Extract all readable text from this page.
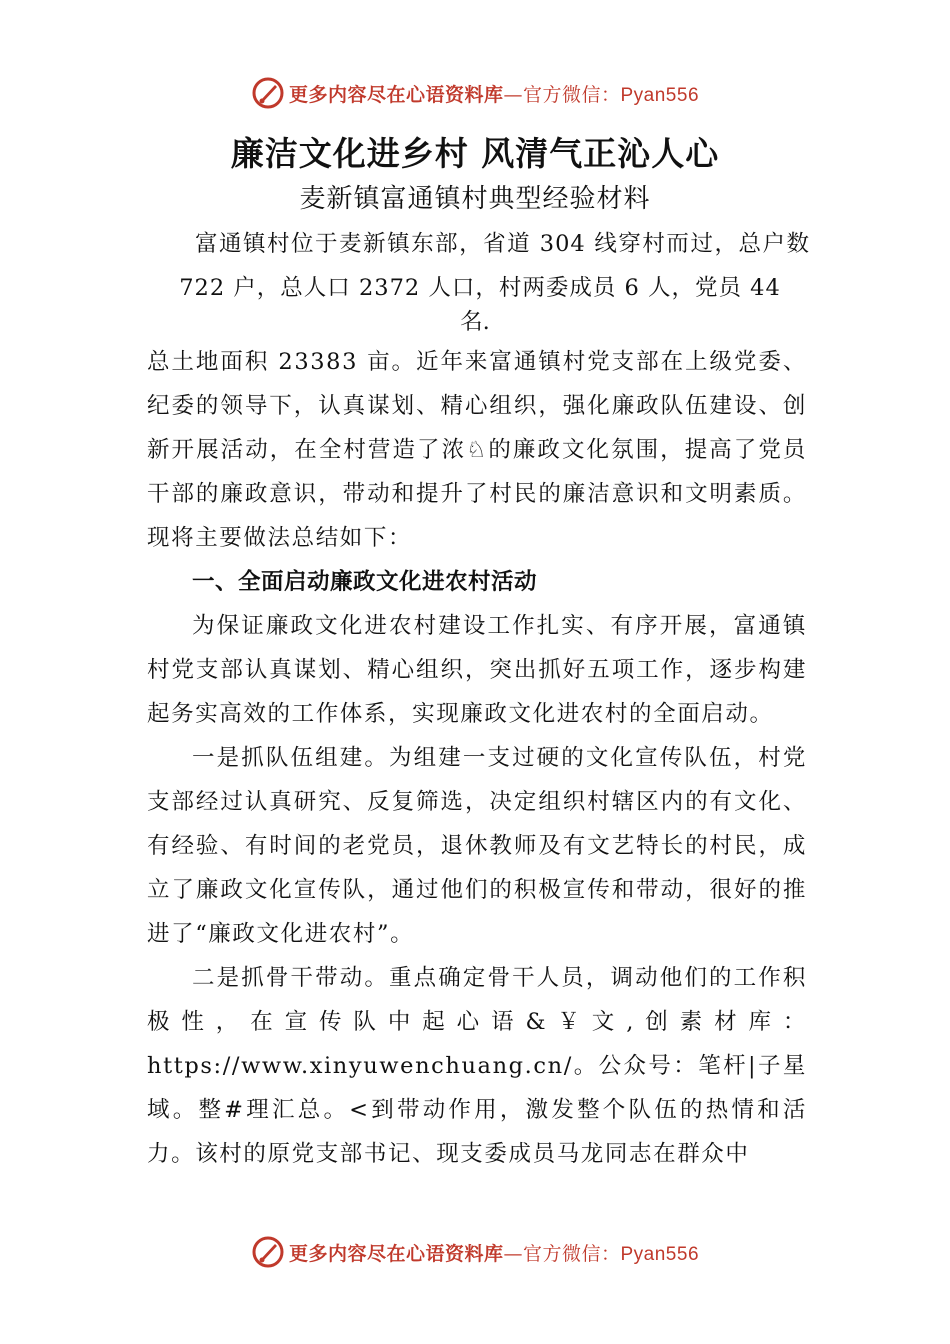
更多内容尽在心语资料库—官方微信：Pyan556
廉洁文化进乡村 风清气正沁人心
麦新镇富通镇村典型经验材料
富通镇村位于麦新镇东部，省道 304 线穿村而过，总户数 722 户，总人口 2372 人口，村两委成员 6 人，党员 44
名.

总土地面积 23383 亩。近年来富通镇村党支部在上级党委、纪委的领导下，认真谋划、精心组织，强化廉政队伍建设、创新开展活动，在全村营造了浓♘的廉政文化氛围，提高了党员干部的廉政意识，带动和提升了村民的廉洁意识和文明素质。现将主要做法总结如下：

一、全面启动廉政文化进农村活动

为保证廉政文化进农村建设工作扎实、有序开展，富通镇村党支部认真谋划、精心组织，突出抓好五项工作，逐步构建起务实高效的工作体系，实现廉政文化进农村的全面启动。

一是抓队伍组建。为组建一支过硬的文化宣传队伍，村党支部经过认真研究、反复筛选，决定组织村辖区内的有文化、有经验、有时间的老党员，退休教师及有文艺特长的村民，成立了廉政文化宣传队，通过他们的积极宣传和带动，很好的推进了“廉政文化进农村”。

二是抓骨干带动。重点确定骨干人员，调动他们的工作积极性，在宣传队中起心语&￥文,创素材库：https://www.xinyuwenchuang.cn/。公众号：笔杆|子星域。整#理汇总。<到带动作用，激发整个队伍的热情和活力。该村的原党支部书记、现支委成员马龙同志在群众中

更多内容尽在心语资料库—官方微信：Pyan556
